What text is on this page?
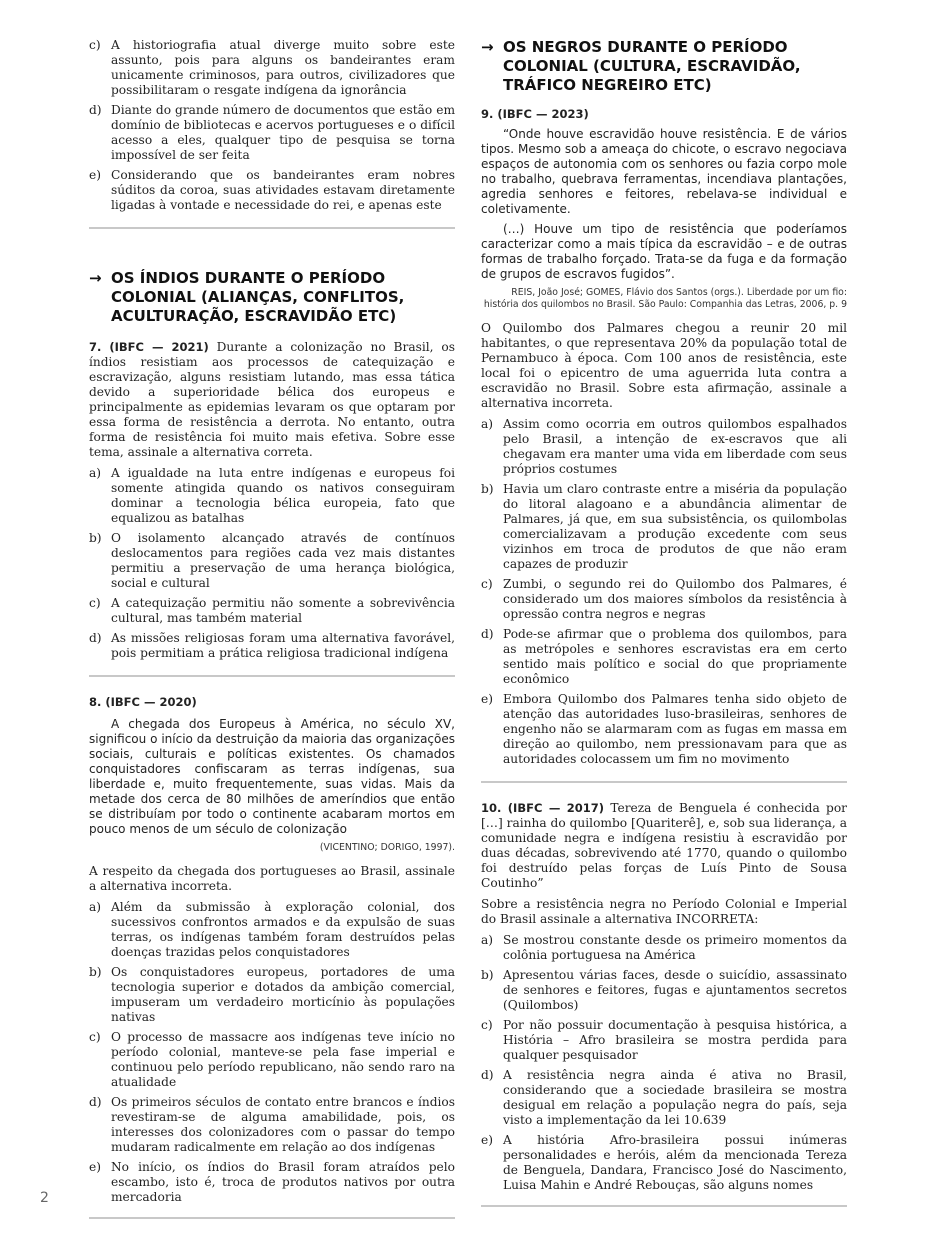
c) A historiografia atual diverge muito sobre este assunto, pois para alguns os bandeirantes eram unicamente criminosos, para outros, civilizadores que possibilitaram o resgate indígena da ignorância
d) Diante do grande número de documentos que estão em domínio de bibliotecas e acervos portugueses e o difícil acesso a eles, qualquer tipo de pesquisa se torna impossível de ser feita
e) Considerando que os bandeirantes eram nobres súditos da coroa, suas atividades estavam diretamente ligadas à vontade e necessidade do rei, e apenas este
→ OS ÍNDIOS DURANTE O PERÍODO COLONIAL (ALIANÇAS, CONFLITOS, ACULTURAÇÃO, ESCRAVIDÃO ETC)

7. (IBFC — 2021) Durante a colonização no Brasil, os índios resistiam aos processos de catequização e escravização, alguns resistiam lutando, mas essa tática devido a superioridade bélica dos europeus e principalmente as epidemias levaram os que optaram por essa forma de resistência a derrota. No entanto, outra forma de resistência foi muito mais efetiva. Sobre esse tema, assinale a alternativa correta.

a) A igualdade na luta entre indígenas e europeus foi somente atingida quando os nativos conseguiram dominar a tecnologia bélica europeia, fato que equalizou as batalhas
b) O isolamento alcançado através de contínuos deslocamentos para regiões cada vez mais distantes permitiu a preservação de uma herança biológica, social e cultural
c) A catequização permitiu não somente a sobrevivência cultural, mas também material
d) As missões religiosas foram uma alternativa favorável, pois permitiam a prática religiosa tradicional indígena
8. (IBFC — 2020)

A chegada dos Europeus à América, no século XV, significou o início da destruição da maioria das organizações sociais, culturais e políticas existentes. Os chamados conquistadores confiscaram as terras indígenas, sua liberdade e, muito frequentemente, suas vidas. Mais da metade dos cerca de 80 milhões de ameríndios que então se distribuíam por todo o continente acabaram mortos em pouco menos de um século de colonização

(VICENTINO; DORIGO, 1997).

A respeito da chegada dos portugueses ao Brasil, assinale a alternativa incorreta.

a) Além da submissão à exploração colonial, dos sucessivos confrontos armados e da expulsão de suas terras, os indígenas também foram destruídos pelas doenças trazidas pelos conquistadores
b) Os conquistadores europeus, portadores de uma tecnologia superior e dotados da ambição comercial, impuseram um verdadeiro morticínio às populações nativas
c) O processo de massacre aos indígenas teve início no período colonial, manteve-se pela fase imperial e continuou pelo período republicano, não sendo raro na atualidade
d) Os primeiros séculos de contato entre brancos e índios revestiram-se de alguma amabilidade, pois, os interesses dos colonizadores com o passar do tempo mudaram radicalmente em relação ao dos indígenas
e) No início, os índios do Brasil foram atraídos pelo escambo, isto é, troca de produtos nativos por outra mercadoria
→ OS NEGROS DURANTE O PERÍODO COLONIAL (CULTURA, ESCRAVIDÃO, TRÁFICO NEGREIRO ETC)
9. (IBFC — 2023)

“Onde houve escravidão houve resistência. E de vários tipos. Mesmo sob a ameaça do chicote, o escravo negociava espaços de autonomia com os senhores ou fazia corpo mole no trabalho, quebrava ferramentas, incendiava plantações, agredia senhores e feitores, rebelava-se individual e coletivamente.

(…) Houve um tipo de resistência que poderíamos caracterizar como a mais típica da escravidão – e de outras formas de trabalho forçado. Trata-se da fuga e da formação de grupos de escravos fugidos”.

REIS, João José; GOMES, Flávio dos Santos (orgs.). Liberdade por um fio: história dos quilombos no Brasil. São Paulo: Companhia das Letras, 2006, p. 9

O Quilombo dos Palmares chegou a reunir 20 mil habitantes, o que representava 20% da população total de Pernambuco à época. Com 100 anos de resistência, este local foi o epicentro de uma aguerrida luta contra a escravidão no Brasil. Sobre esta afirmação, assinale a alternativa incorreta.

a) Assim como ocorria em outros quilombos espalhados pelo Brasil, a intenção de ex-escravos que ali chegavam era manter uma vida em liberdade com seus próprios costumes
b) Havia um claro contraste entre a miséria da população do litoral alagoano e a abundância alimentar de Palmares, já que, em sua subsistência, os quilombolas comercializavam a produção excedente com seus vizinhos em troca de produtos de que não eram capazes de produzir
c) Zumbi, o segundo rei do Quilombo dos Palmares, é considerado um dos maiores símbolos da resistência à opressão contra negros e negras
d) Pode-se afirmar que o problema dos quilombos, para as metrópoles e senhores escravistas era em certo sentido mais político e social do que propriamente econômico
e) Embora Quilombo dos Palmares tenha sido objeto de atenção das autoridades luso-brasileiras, senhores de engenho não se alarmaram com as fugas em massa em direção ao quilombo, nem pressionavam para que as autoridades colocassem um fim no movimento

10. (IBFC — 2017) Tereza de Benguela é conhecida por […] rainha do quilombo [Quariterê], e, sob sua liderança, a comunidade negra e indígena resistiu à escravidão por duas décadas, sobrevivendo até 1770, quando o quilombo foi destruído pelas forças de Luís Pinto de Sousa Coutinho”

Sobre a resistência negra no Período Colonial e Imperial do Brasil assinale a alternativa INCORRETA:

a) Se mostrou constante desde os primeiro momentos da colônia portuguesa na América
b) Apresentou várias faces, desde o suicídio, assassinato de senhores e feitores, fugas e ajuntamentos secretos (Quilombos)
c) Por não possuir documentação à pesquisa histórica, a História – Afro brasileira se mostra perdida para qualquer pesquisador
d) A resistência negra ainda é ativa no Brasil, considerando que a sociedade brasileira se mostra desigual em relação a população negra do país, seja visto a implementação da lei 10.639
e) A história Afro-brasileira possui inúmeras personalidades e heróis, além da mencionada Tereza de Benguela, Dandara, Francisco José do Nascimento, Luisa Mahin e André Rebouças, são alguns nomes
2
